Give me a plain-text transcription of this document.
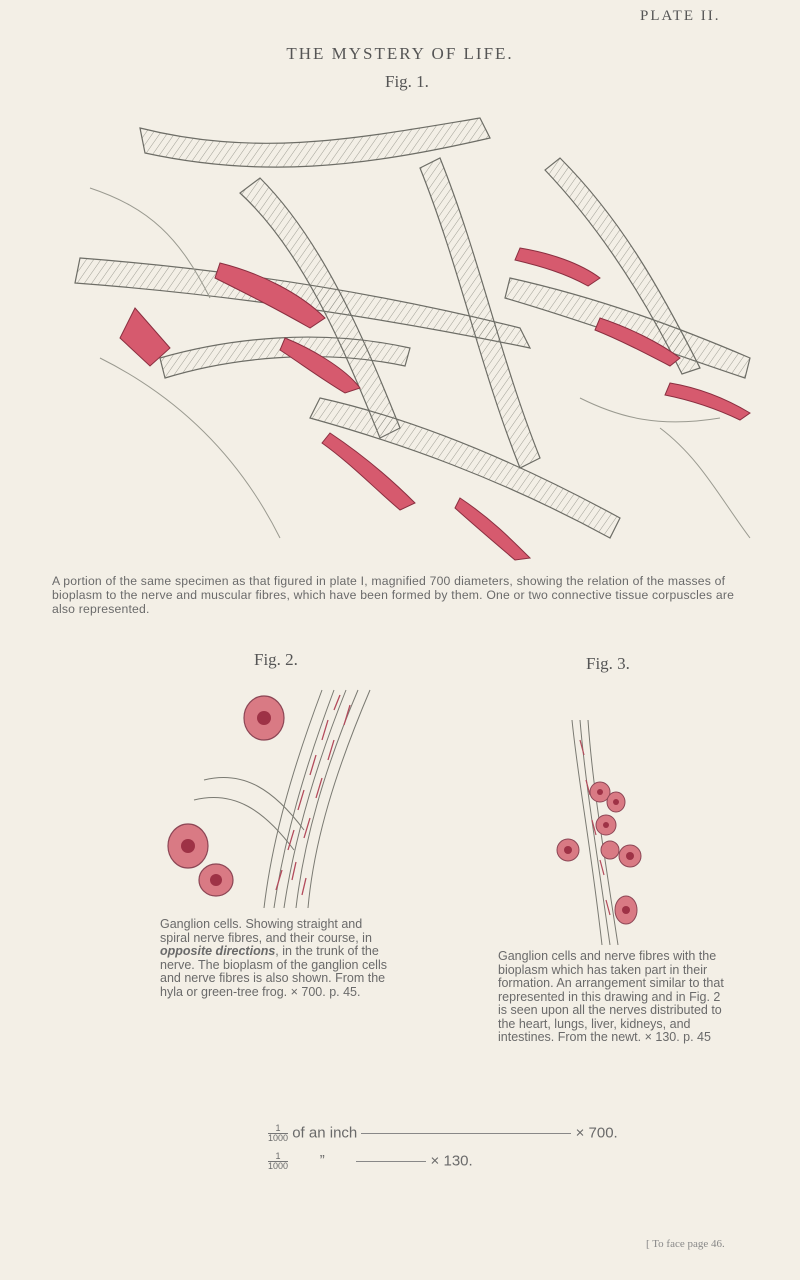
PLATE II.
THE MYSTERY OF LIFE.
Fig. 1.
A portion of the same specimen as that figured in plate I, magnified 700 diameters, showing the relation of the masses of bioplasm to the nerve and muscular fibres, which have been formed by them. One or two connective tissue corpuscles are also represented.
Fig. 2.
Ganglion cells. Showing straight and spiral nerve fibres, and their course, in opposite directions, in the trunk of the nerve. The bioplasm of the ganglion cells and nerve fibres is also shown. From the hyla or green-tree frog. × 700. p. 45.
Fig. 3.
Ganglion cells and nerve fibres with the bioplasm which has taken part in their formation. An arrangement similar to that represented in this drawing and in Fig. 2 is seen upon all the nerves distributed to the heart, lungs, liver, kidneys, and intestines. From the newt. × 130. p. 45
$\frac{1}{1000}$ of an inch	× 700.
$\frac{1}{1000}$ ”	× 130.
[ To face page 46.
